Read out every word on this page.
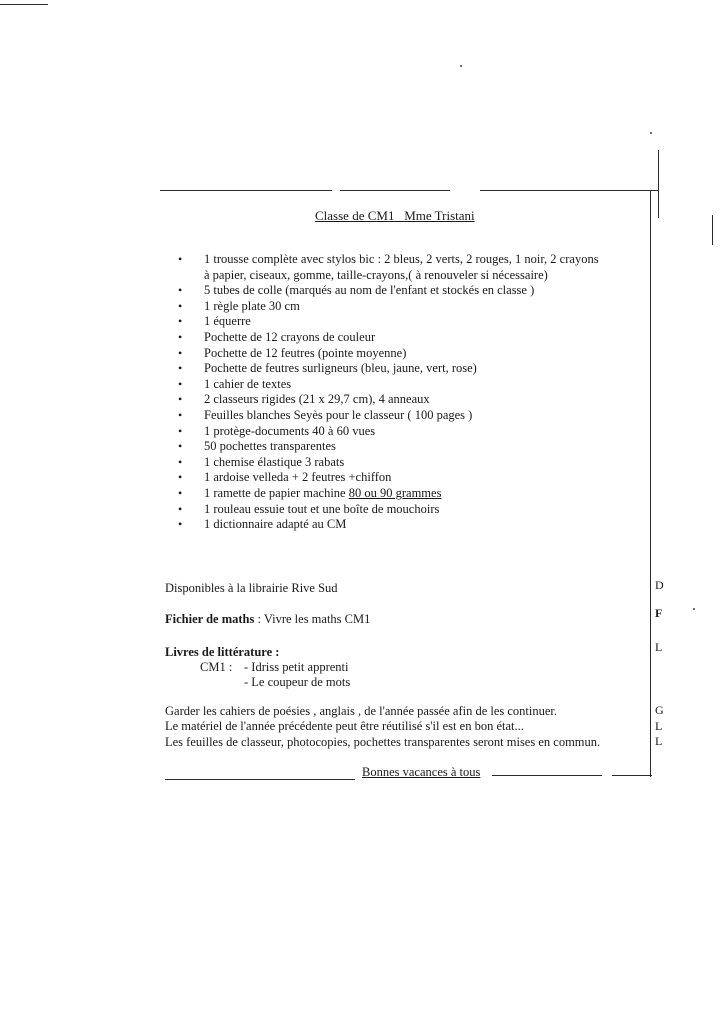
Classe de CM1 Mme Tristani
• 1 trousse complète avec stylos bic : 2 bleus, 2 verts, 2 rouges, 1 noir, 2 crayons
à papier, ciseaux, gomme, taille-crayons,( à renouveler si nécessaire)
• 5 tubes de colle (marqués au nom de l'enfant et stockés en classe )
• 1 règle plate 30 cm
• 1 équerre
• Pochette de 12 crayons de couleur
• Pochette de 12 feutres (pointe moyenne)
• Pochette de feutres surligneurs (bleu, jaune, vert, rose)
• 1 cahier de textes
• 2 classeurs rigides (21 x 29,7 cm), 4 anneaux
• Feuilles blanches Seyès pour le classeur ( 100 pages )
• 1 protège-documents 40 à 60 vues
• 50 pochettes transparentes
• 1 chemise élastique 3 rabats
• 1 ardoise velleda + 2 feutres +chiffon
• 1 ramette de papier machine 80 ou 90 grammes
• 1 rouleau essuie tout et une boîte de mouchoirs
• 1 dictionnaire adapté au CM
Disponibles à la librairie Rive Sud
Fichier de maths : Vivre les maths CM1
Livres de littérature :
CM1 : - Idriss petit apprenti
- Le coupeur de mots
Garder les cahiers de poésies , anglais , de l'année passée afin de les continuer.
Le matériel de l'année précédente peut être réutilisé s'il est en bon état...
Les feuilles de classeur, photocopies, pochettes transparentes seront mises en commun.
Bonnes vacances à tous
D
F
L
G
L
L
